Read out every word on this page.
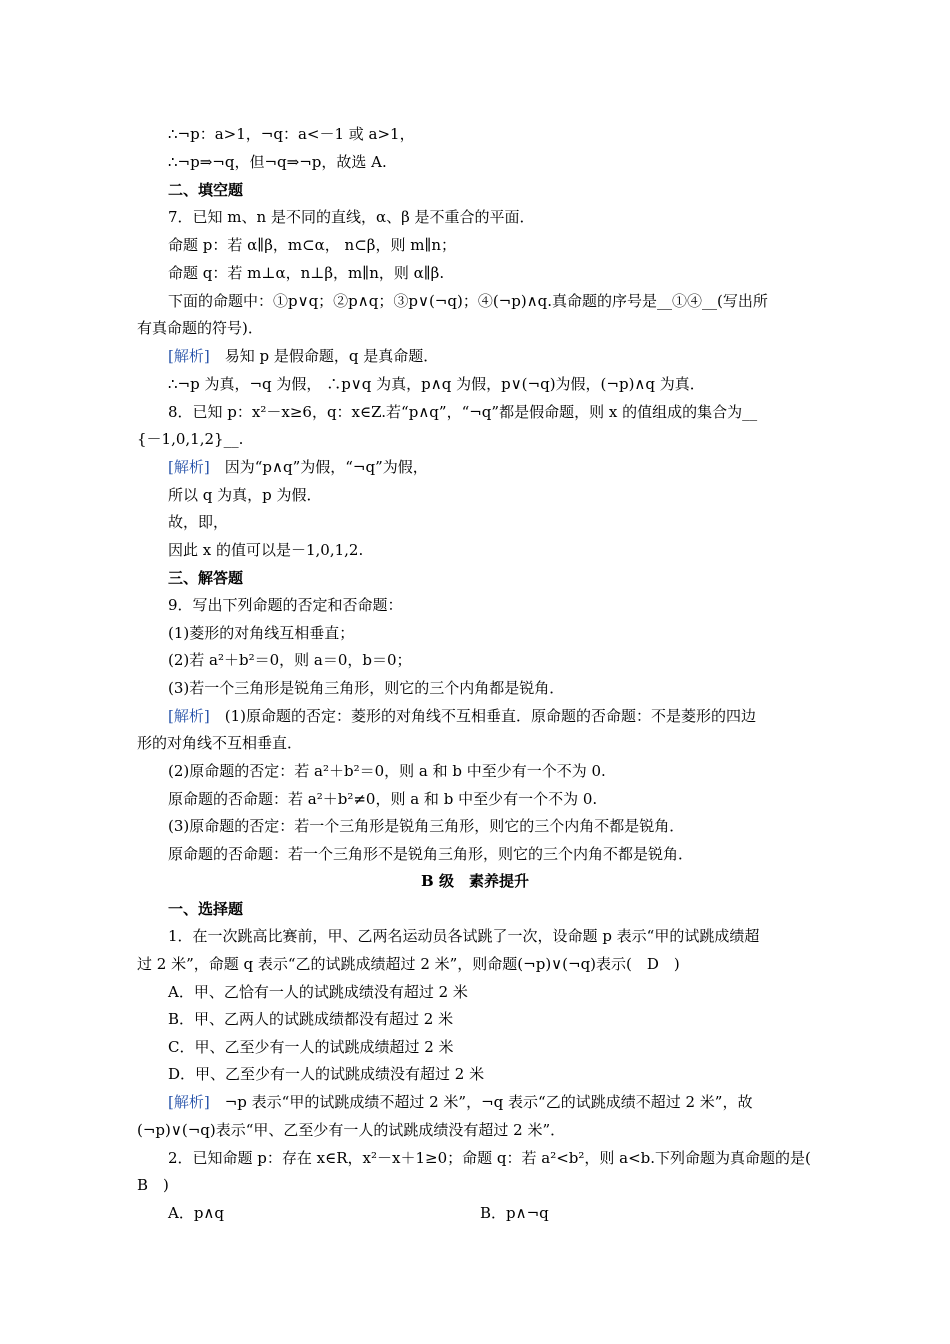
∴¬p：a>1，¬q：a<－1 或 a>1，
∴¬p⇒¬q，但¬q⇒¬p，故选 A.
二、填空题
7．已知 m、n 是不同的直线，α、β 是不重合的平面．
命题 p：若 α∥β，m⊂α， n⊂β，则 m∥n；
命题 q：若 m⊥α，n⊥β，m∥n，则 α∥β.
下面的命题中：①p∨q；②p∧q；③p∨(¬q)；④(¬p)∧q.真命题的序号是__①④__(写出所
有真命题的符号)．
[解析]　 易知 p 是假命题，q 是真命题．
∴¬p 为真，¬q 为假， ∴p∨q 为真，p∧q 为假，p∨(¬q)为假，(¬p)∧q 为真．
8．已知 p：x²－x≥6，q：x∈Z.若“p∧q”，“¬q”都是假命题，则 x 的值组成的集合为__
{－1,0,1,2}__.
[解析]　 因为“p∧q”为假，“¬q”为假，
所以 q 为真，p 为假．
故，即，
因此 x 的值可以是－1,0,1,2.
三、解答题
9．写出下列命题的否定和否命题：
(1)菱形的对角线互相垂直；
(2)若 a²＋b²＝0，则 a＝0，b＝0；
(3)若一个三角形是锐角三角形，则它的三个内角都是锐角．
[解析]　 (1)原命题的否定：菱形的对角线不互相垂直．原命题的否命题：不是菱形的四边
形的对角线不互相垂直．
(2)原命题的否定：若 a²＋b²＝0，则 a 和 b 中至少有一个不为 0.
原命题的否命题：若 a²＋b²≠0，则 a 和 b 中至少有一个不为 0.
(3)原命题的否定：若一个三角形是锐角三角形，则它的三个内角不都是锐角．
原命题的否命题：若一个三角形不是锐角三角形，则它的三个内角不都是锐角．
B 级　素养提升
一、选择题
1．在一次跳高比赛前，甲、乙两名运动员各试跳了一次，设命题 p 表示“甲的试跳成绩超
过 2 米”，命题 q 表示“乙的试跳成绩超过 2 米”，则命题(¬p)∨(¬q)表示(　D　)
A．甲、乙恰有一人的试跳成绩没有超过 2 米
B．甲、乙两人的试跳成绩都没有超过 2 米
C．甲、乙至少有一人的试跳成绩超过 2 米
D．甲、乙至少有一人的试跳成绩没有超过 2 米
[解析]　 ¬p 表示“甲的试跳成绩不超过 2 米”，¬q 表示“乙的试跳成绩不超过 2 米”，故
(¬p)∨(¬q)表示“甲、乙至少有一人的试跳成绩没有超过 2 米”．
2．已知命题 p：存在 x∈R，x²－x＋1≥0；命题 q：若 a²<b²，则 a<b.下列命题为真命题的是(
B　)
A．p∧q	B．p∧¬q
